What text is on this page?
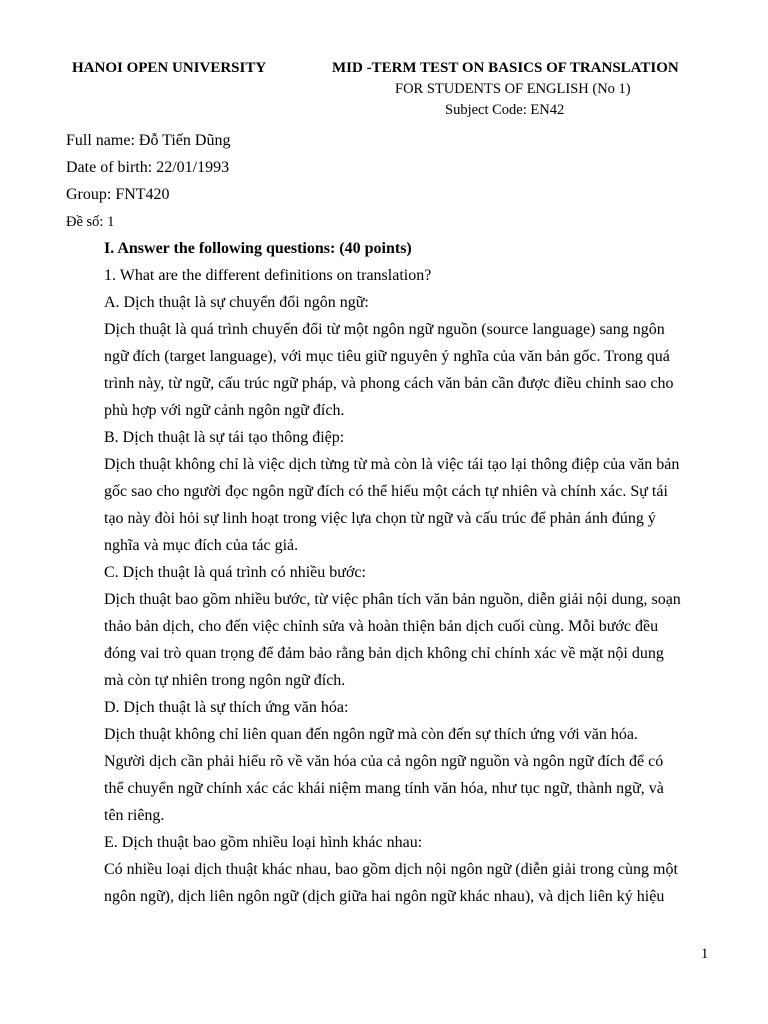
HANOI OPEN UNIVERSITY	MID -TERM TEST ON BASICS OF TRANSLATION
FOR STUDENTS OF ENGLISH (No 1)
Subject Code: EN42
Full name: Đỗ Tiến Dũng
Date of birth: 22/01/1993
Group: FNT420
Đề số: 1
I. Answer the following questions: (40 points)
1. What are the different definitions on translation?
A. Dịch thuật là sự chuyển đổi ngôn ngữ:
Dịch thuật là quá trình chuyển đổi từ một ngôn ngữ nguồn (source language) sang ngôn
ngữ đích (target language), với mục tiêu giữ nguyên ý nghĩa của văn bản gốc. Trong quá
trình này, từ ngữ, cấu trúc ngữ pháp, và phong cách văn bản cần được điều chỉnh sao cho
phù hợp với ngữ cảnh ngôn ngữ đích.
B. Dịch thuật là sự tái tạo thông điệp:
Dịch thuật không chỉ là việc dịch từng từ mà còn là việc tái tạo lại thông điệp của văn bản
gốc sao cho người đọc ngôn ngữ đích có thể hiểu một cách tự nhiên và chính xác. Sự tái
tạo này đòi hỏi sự linh hoạt trong việc lựa chọn từ ngữ và cấu trúc để phản ánh đúng ý
nghĩa và mục đích của tác giả.
C. Dịch thuật là quá trình có nhiều bước:
Dịch thuật bao gồm nhiều bước, từ việc phân tích văn bản nguồn, diễn giải nội dung, soạn
thảo bản dịch, cho đến việc chỉnh sửa và hoàn thiện bản dịch cuối cùng. Mỗi bước đều
đóng vai trò quan trọng để đảm bảo rằng bản dịch không chỉ chính xác về mặt nội dung
mà còn tự nhiên trong ngôn ngữ đích.
D. Dịch thuật là sự thích ứng văn hóa:
Dịch thuật không chỉ liên quan đến ngôn ngữ mà còn đến sự thích ứng với văn hóa.
Người dịch cần phải hiểu rõ về văn hóa của cả ngôn ngữ nguồn và ngôn ngữ đích để có
thể chuyển ngữ chính xác các khái niệm mang tính văn hóa, như tục ngữ, thành ngữ, và
tên riêng.
E. Dịch thuật bao gồm nhiều loại hình khác nhau:
Có nhiều loại dịch thuật khác nhau, bao gồm dịch nội ngôn ngữ (diễn giải trong cùng một
ngôn ngữ), dịch liên ngôn ngữ (dịch giữa hai ngôn ngữ khác nhau), và dịch liên ký hiệu
1
